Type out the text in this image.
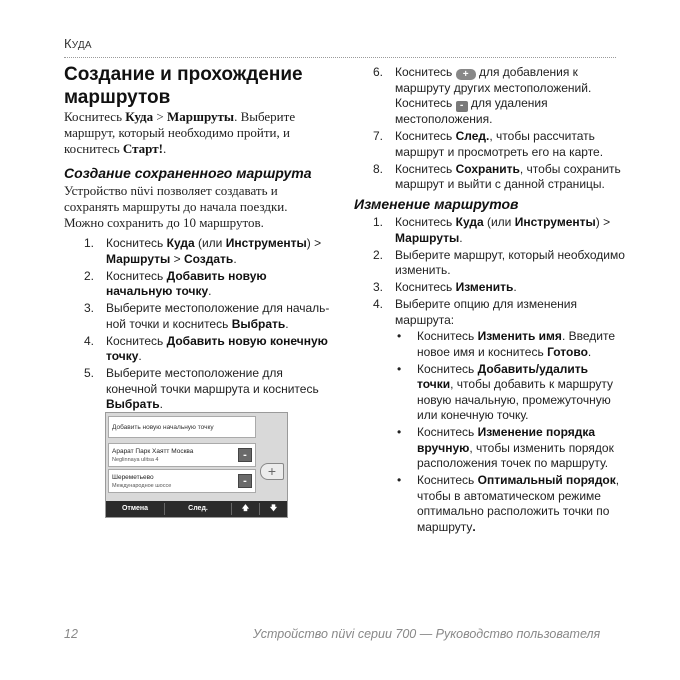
КУДА
Создание и прохождение маршрутов
Коснитесь Куда > Маршруты. Выберите маршрут, который необходимо пройти, и коснитесь Старт!.
Создание сохраненного маршрута
Устройство nüvi позволяет создавать и сохранять маршруты до начала поездки. Можно сохранить до 10 маршрутов.
1. Коснитесь Куда (или Инструменты) > Маршруты > Создать.
2. Коснитесь Добавить новую начальную точку.
3. Выберите местоположение для началь-ной точки и коснитесь Выбрать.
4. Коснитесь Добавить новую конечную точку.
5. Выберите местоположение для конечной точки маршрута и коснитесь Выбрать.
Добавить новую начальную точку
Арарат Парк Хаятт Москва
Neglinnaya ulitsa 4	-
Шереметьево
Международное шоссе	-
+
Отмена	След.	🡅	🡇
6. Коснитесь + для добавления к маршруту других местоположений. Коснитесь - для удаления местоположения.
7. Коснитесь След., чтобы рассчитать маршрут и просмотреть его на карте.
8. Коснитесь Сохранить, чтобы сохранить маршрут и выйти с данной страницы.
Изменение маршрутов
1. Коснитесь Куда (или Инструменты) > Маршруты.
2. Выберите маршрут, который необходимо изменить.
3. Коснитесь Изменить.
4. Выберите опцию для изменения маршрута:
• Коснитесь Изменить имя. Введите новое имя и коснитесь Готово.
• Коснитесь Добавить/удалить точки, чтобы добавить к маршруту новую начальную, промежуточную или конечную точку.
• Коснитесь Изменение порядка вручную, чтобы изменить порядок расположения точек по маршруту.
• Коснитесь Оптимальный порядок, чтобы в автоматическом режиме оптимально расположить точки по маршруту.
12	Устройство nüvi серии 700 — Руководство пользователя
